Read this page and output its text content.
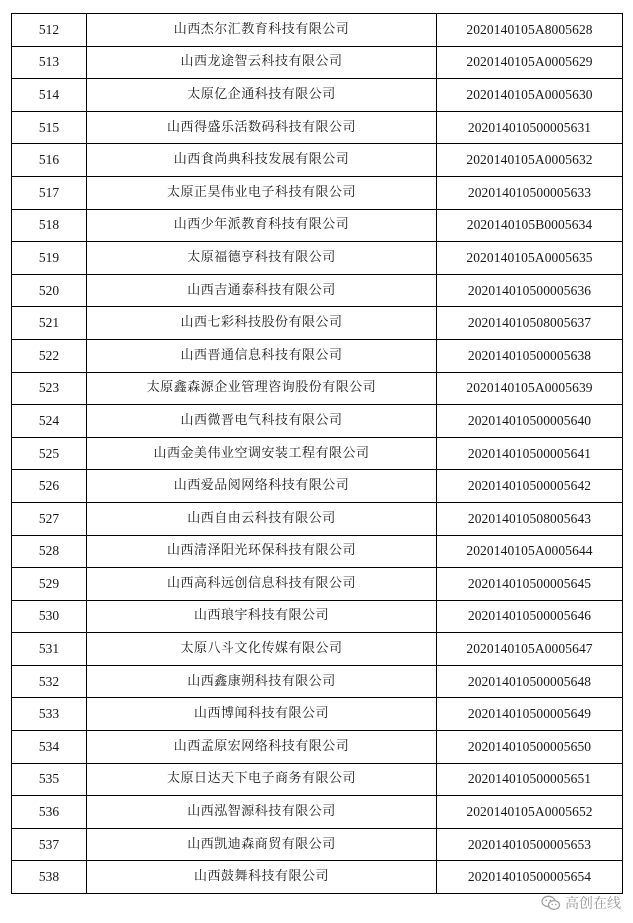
512	山西杰尔汇教育科技有限公司	2020140105A8005628
513	山西龙途智云科技有限公司	2020140105A0005629
514	太原亿企通科技有限公司	2020140105A0005630
515	山西得盛乐活数码科技有限公司	202014010500005631
516	山西食尚典科技发展有限公司	2020140105A0005632
517	太原正昊伟业电子科技有限公司	202014010500005633
518	山西少年派教育科技有限公司	2020140105B0005634
519	太原福德亨科技有限公司	2020140105A0005635
520	山西吉通泰科技有限公司	202014010500005636
521	山西七彩科技股份有限公司	202014010508005637
522	山西晋通信息科技有限公司	202014010500005638
523	太原鑫森源企业管理咨询股份有限公司	2020140105A0005639
524	山西微晋电气科技有限公司	202014010500005640
525	山西金美伟业空调安装工程有限公司	202014010500005641
526	山西爱品阅网络科技有限公司	202014010500005642
527	山西自由云科技有限公司	202014010508005643
528	山西清泽阳光环保科技有限公司	2020140105A0005644
529	山西高科远创信息科技有限公司	202014010500005645
530	山西琅宇科技有限公司	202014010500005646
531	太原八斗文化传媒有限公司	2020140105A0005647
532	山西鑫康朔科技有限公司	202014010500005648
533	山西博闻科技有限公司	202014010500005649
534	山西孟原宏网络科技有限公司	202014010500005650
535	太原日达天下电子商务有限公司	202014010500005651
536	山西泓智源科技有限公司	2020140105A0005652
537	山西凯迪森商贸有限公司	202014010500005653
538	山西鼓舞科技有限公司	202014010500005654
高创在线
